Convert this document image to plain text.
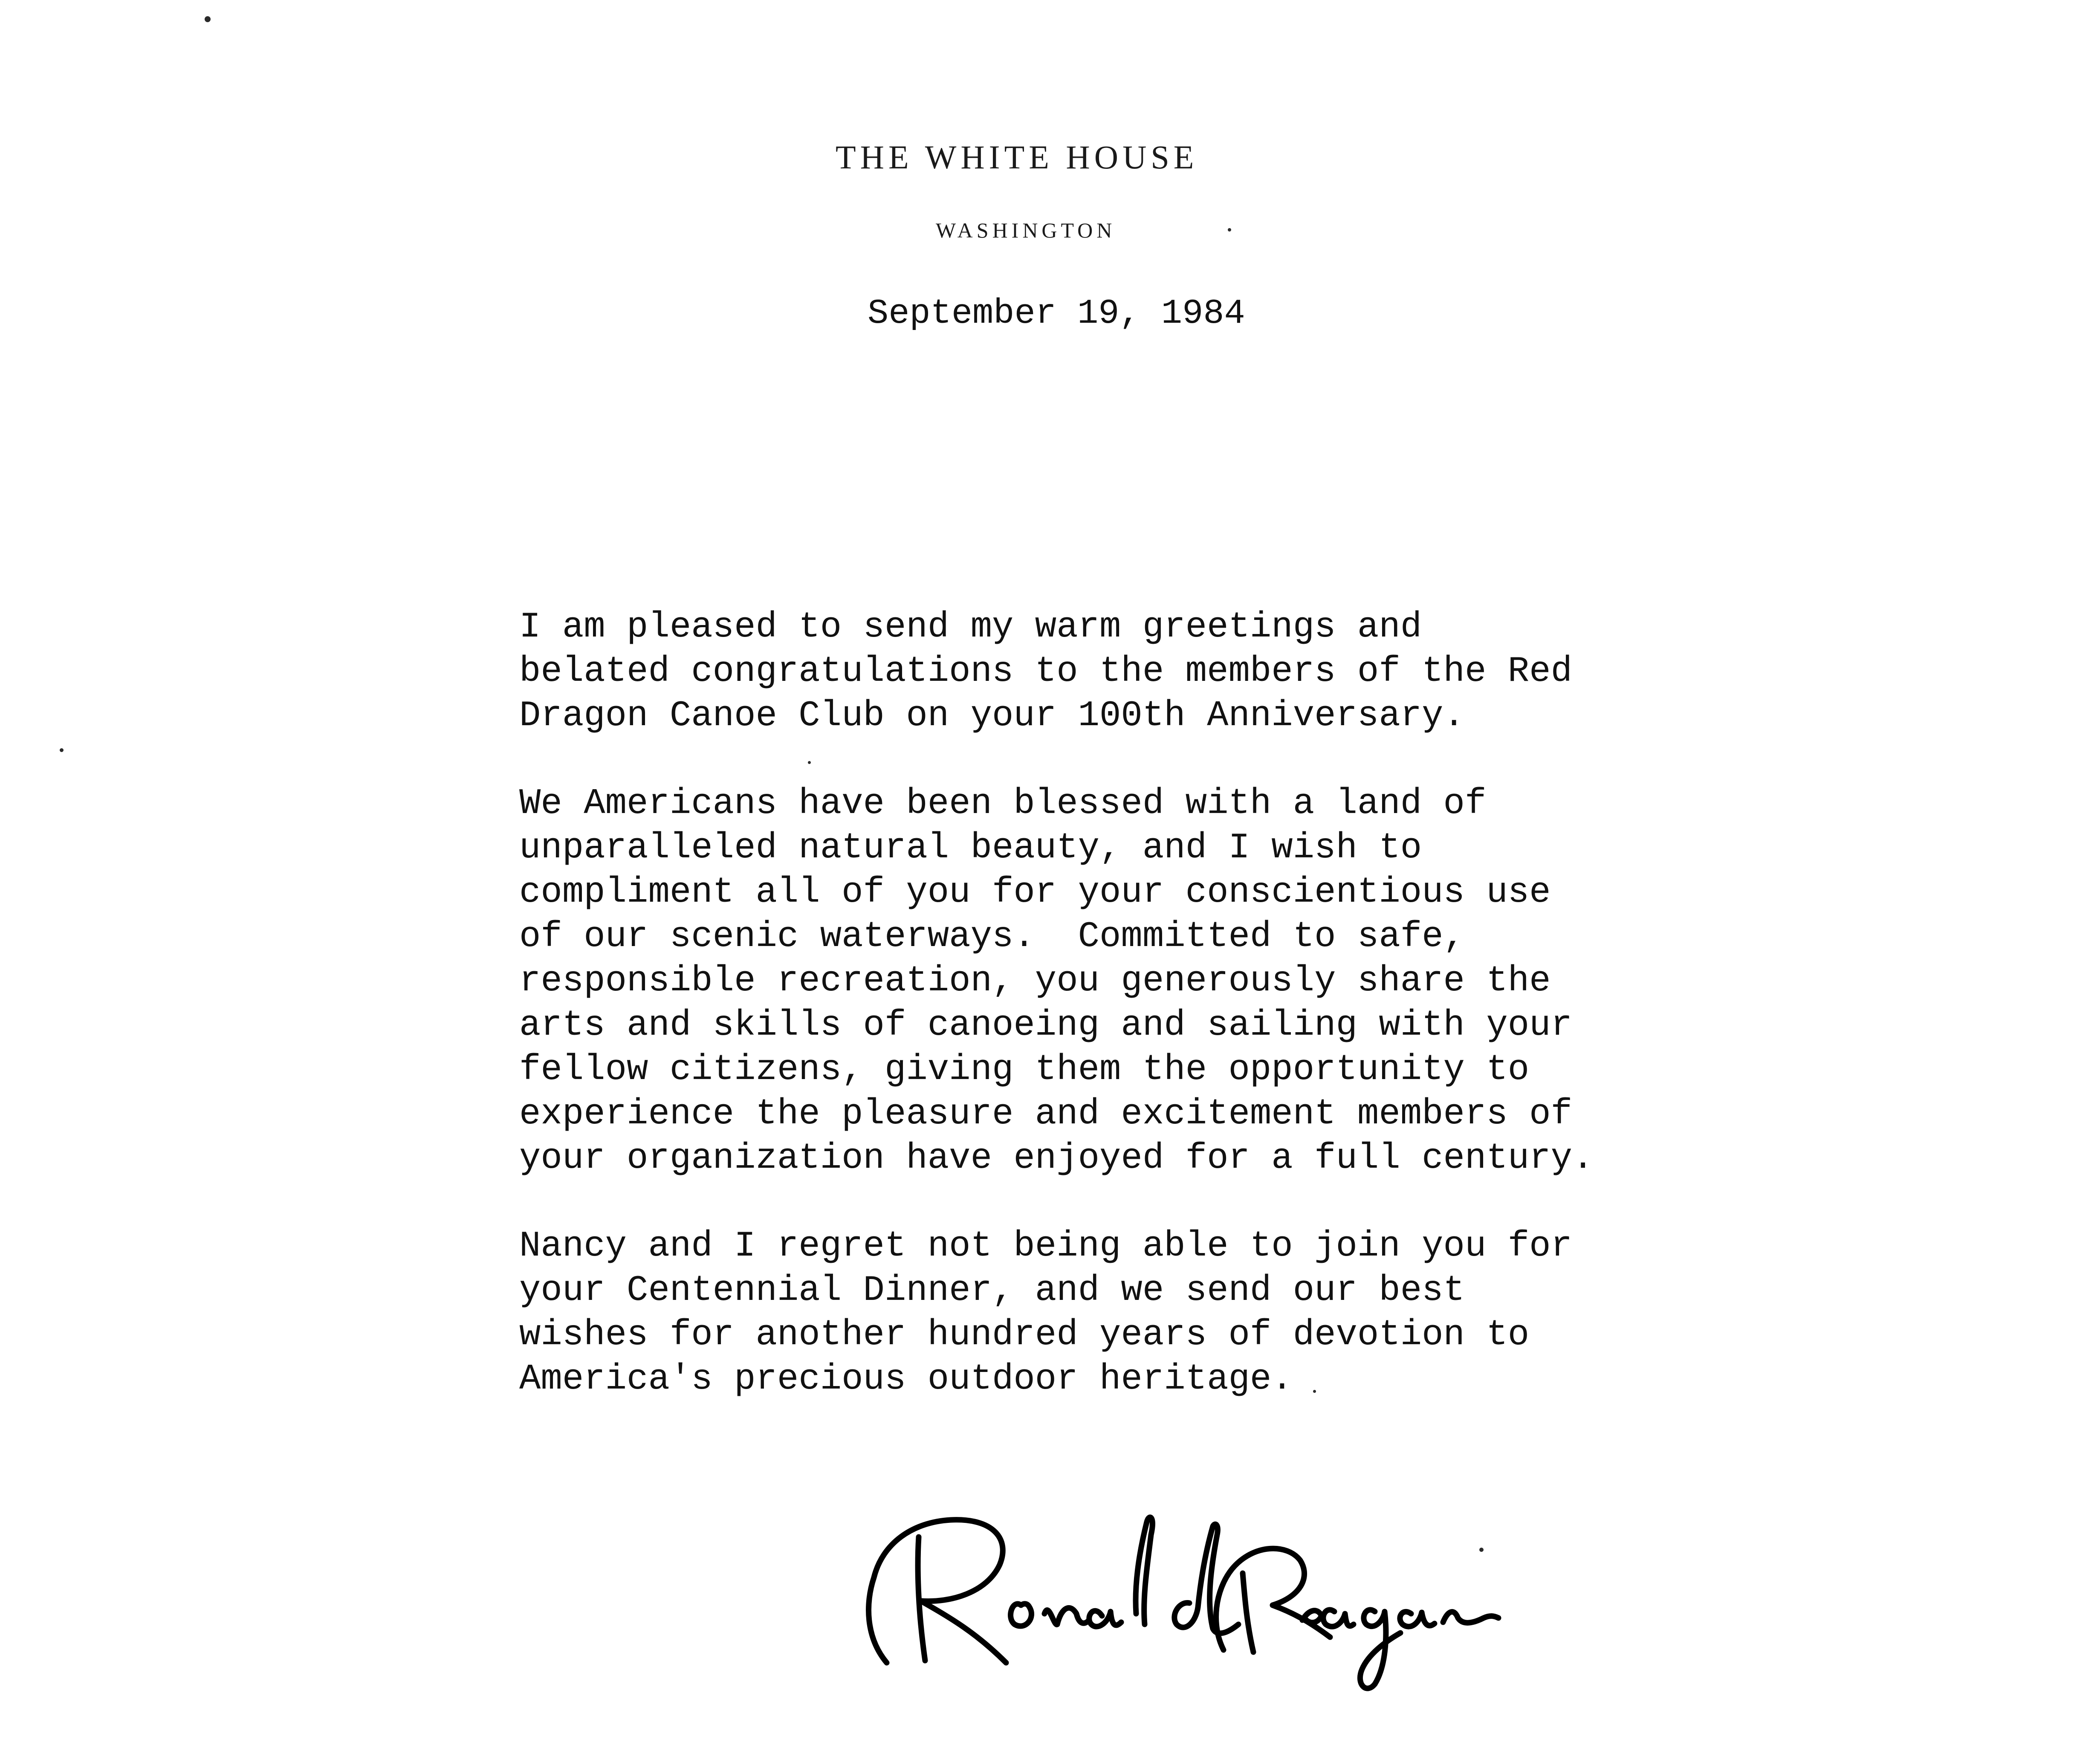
THE WHITE HOUSE
WASHINGTON
September 19, 1984
I am pleased to send my warm greetings and
belated congratulations to the members of the Red
Dragon Canoe Club on your 100th Anniversary.
We Americans have been blessed with a land of
unparalleled natural beauty, and I wish to
compliment all of you for your conscientious use
of our scenic waterways.  Committed to safe,
responsible recreation, you generously share the
arts and skills of canoeing and sailing with your
fellow citizens, giving them the opportunity to
experience the pleasure and excitement members of
your organization have enjoyed for a full century.
Nancy and I regret not being able to join you for
your Centennial Dinner, and we send our best
wishes for another hundred years of devotion to
America's precious outdoor heritage.
